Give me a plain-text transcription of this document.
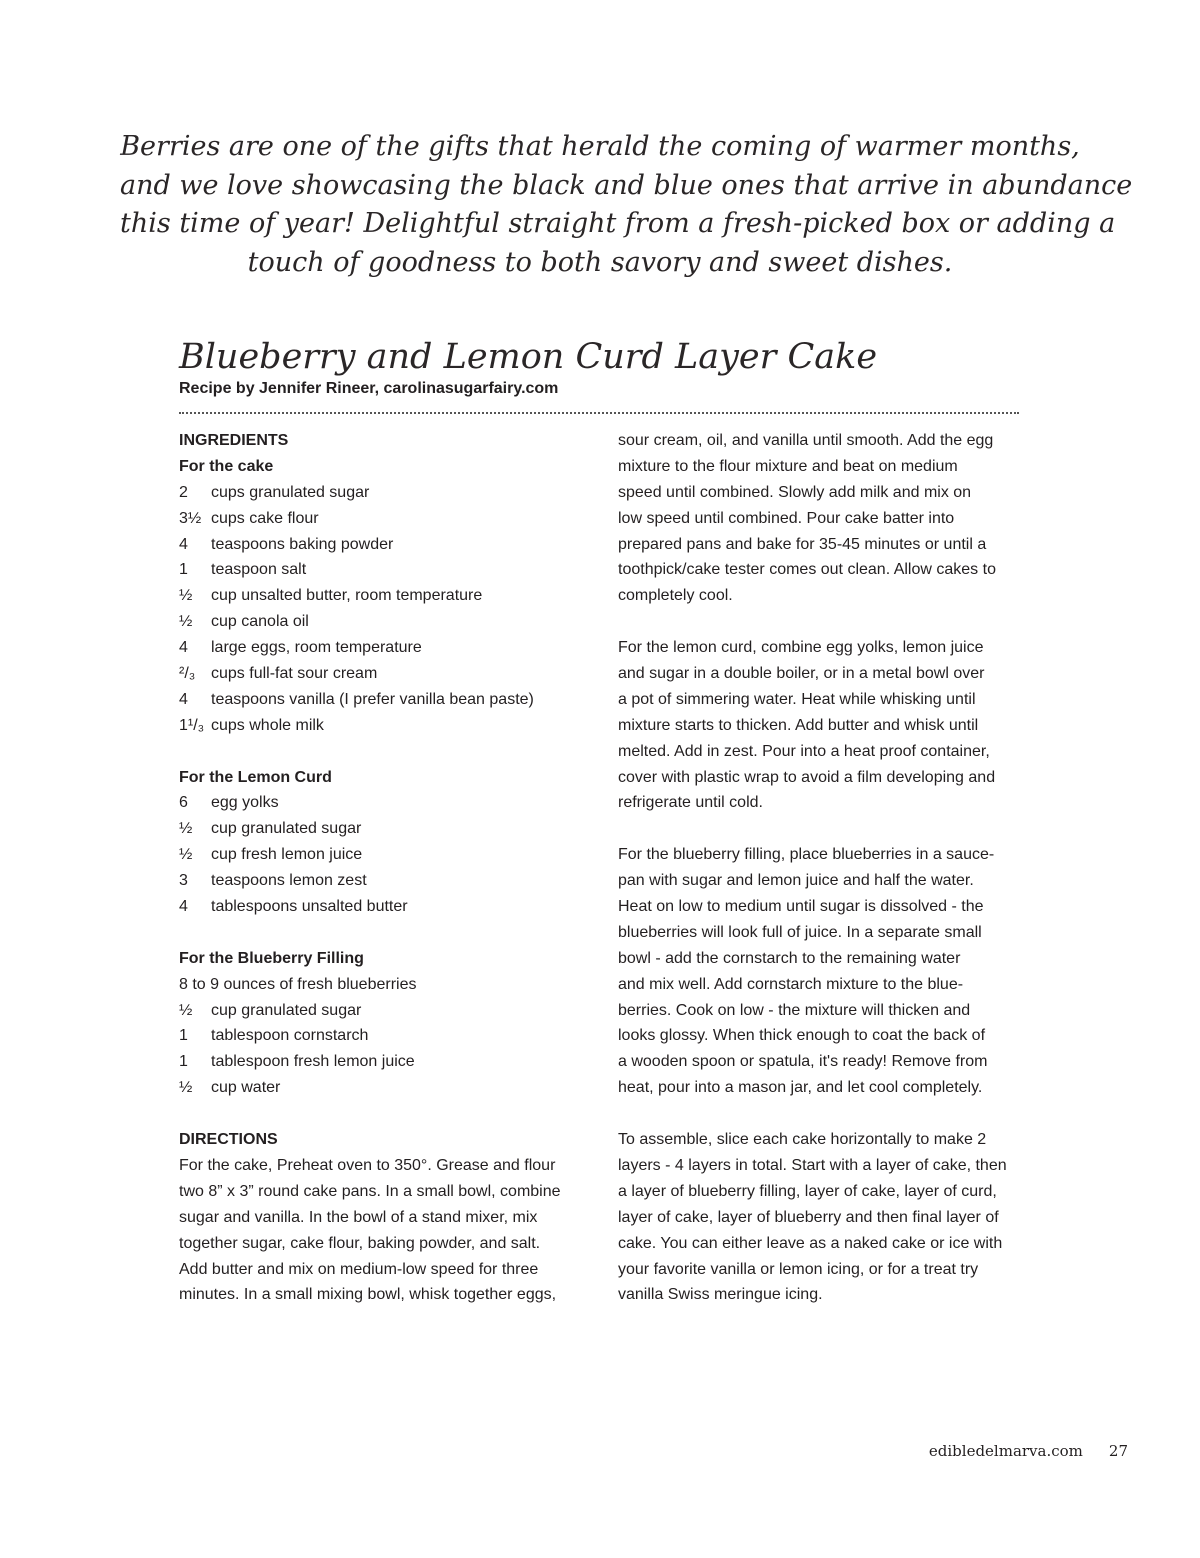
Berries are one of the gifts that herald the coming of warmer months,
and we love showcasing the black and blue ones that arrive in abundance
this time of year! Delightful straight from a fresh-picked box or adding a
touch of goodness to both savory and sweet dishes.
Blueberry and Lemon Curd Layer Cake
Recipe by Jennifer Rineer, carolinasugarfairy.com
INGREDIENTS
For the cake
2	cups granulated sugar
3½ cups cake flour
4	teaspoons baking powder
1	teaspoon salt
½	cup unsalted butter, room temperature
½	cup canola oil
4	large eggs, room temperature
²/₃ cups full-fat sour cream
4	teaspoons vanilla (I prefer vanilla bean paste)
1¹/₃ cups whole milk
For the Lemon Curd
6	egg yolks
½	cup granulated sugar
½	cup fresh lemon juice
3	teaspoons lemon zest
4	tablespoons unsalted butter
For the Blueberry Filling
8 to 9 ounces of fresh blueberries
½	cup granulated sugar
1	tablespoon cornstarch
1	tablespoon fresh lemon juice
½	cup water
DIRECTIONS
For the cake, Preheat oven to 350°. Grease and flour
two 8” x 3” round cake pans. In a small bowl, combine
sugar and vanilla. In the bowl of a stand mixer, mix
together sugar, cake flour, baking powder, and salt.
Add butter and mix on medium-low speed for three
minutes. In a small mixing bowl, whisk together eggs,
sour cream, oil, and vanilla until smooth. Add the egg
mixture to the flour mixture and beat on medium
speed until combined. Slowly add milk and mix on
low speed until combined. Pour cake batter into
prepared pans and bake for 35-45 minutes or until a
toothpick/cake tester comes out clean. Allow cakes to
completely cool.
For the lemon curd, combine egg yolks, lemon juice
and sugar in a double boiler, or in a metal bowl over
a pot of simmering water. Heat while whisking until
mixture starts to thicken. Add butter and whisk until
melted. Add in zest. Pour into a heat proof container,
cover with plastic wrap to avoid a film developing and
refrigerate until cold.
For the blueberry filling, place blueberries in a sauce-
pan with sugar and lemon juice and half the water.
Heat on low to medium until sugar is dissolved - the
blueberries will look full of juice. In a separate small
bowl - add the cornstarch to the remaining water
and mix well. Add cornstarch mixture to the blue-
berries. Cook on low - the mixture will thicken and
looks glossy. When thick enough to coat the back of
a wooden spoon or spatula, it's ready! Remove from
heat, pour into a mason jar, and let cool completely.
To assemble, slice each cake horizontally to make 2
layers - 4 layers in total. Start with a layer of cake, then
a layer of blueberry filling, layer of cake, layer of curd,
layer of cake, layer of blueberry and then final layer of
cake. You can either leave as a naked cake or ice with
your favorite vanilla or lemon icing, or for a treat try
vanilla Swiss meringue icing.
edibledelmarva.com 27
